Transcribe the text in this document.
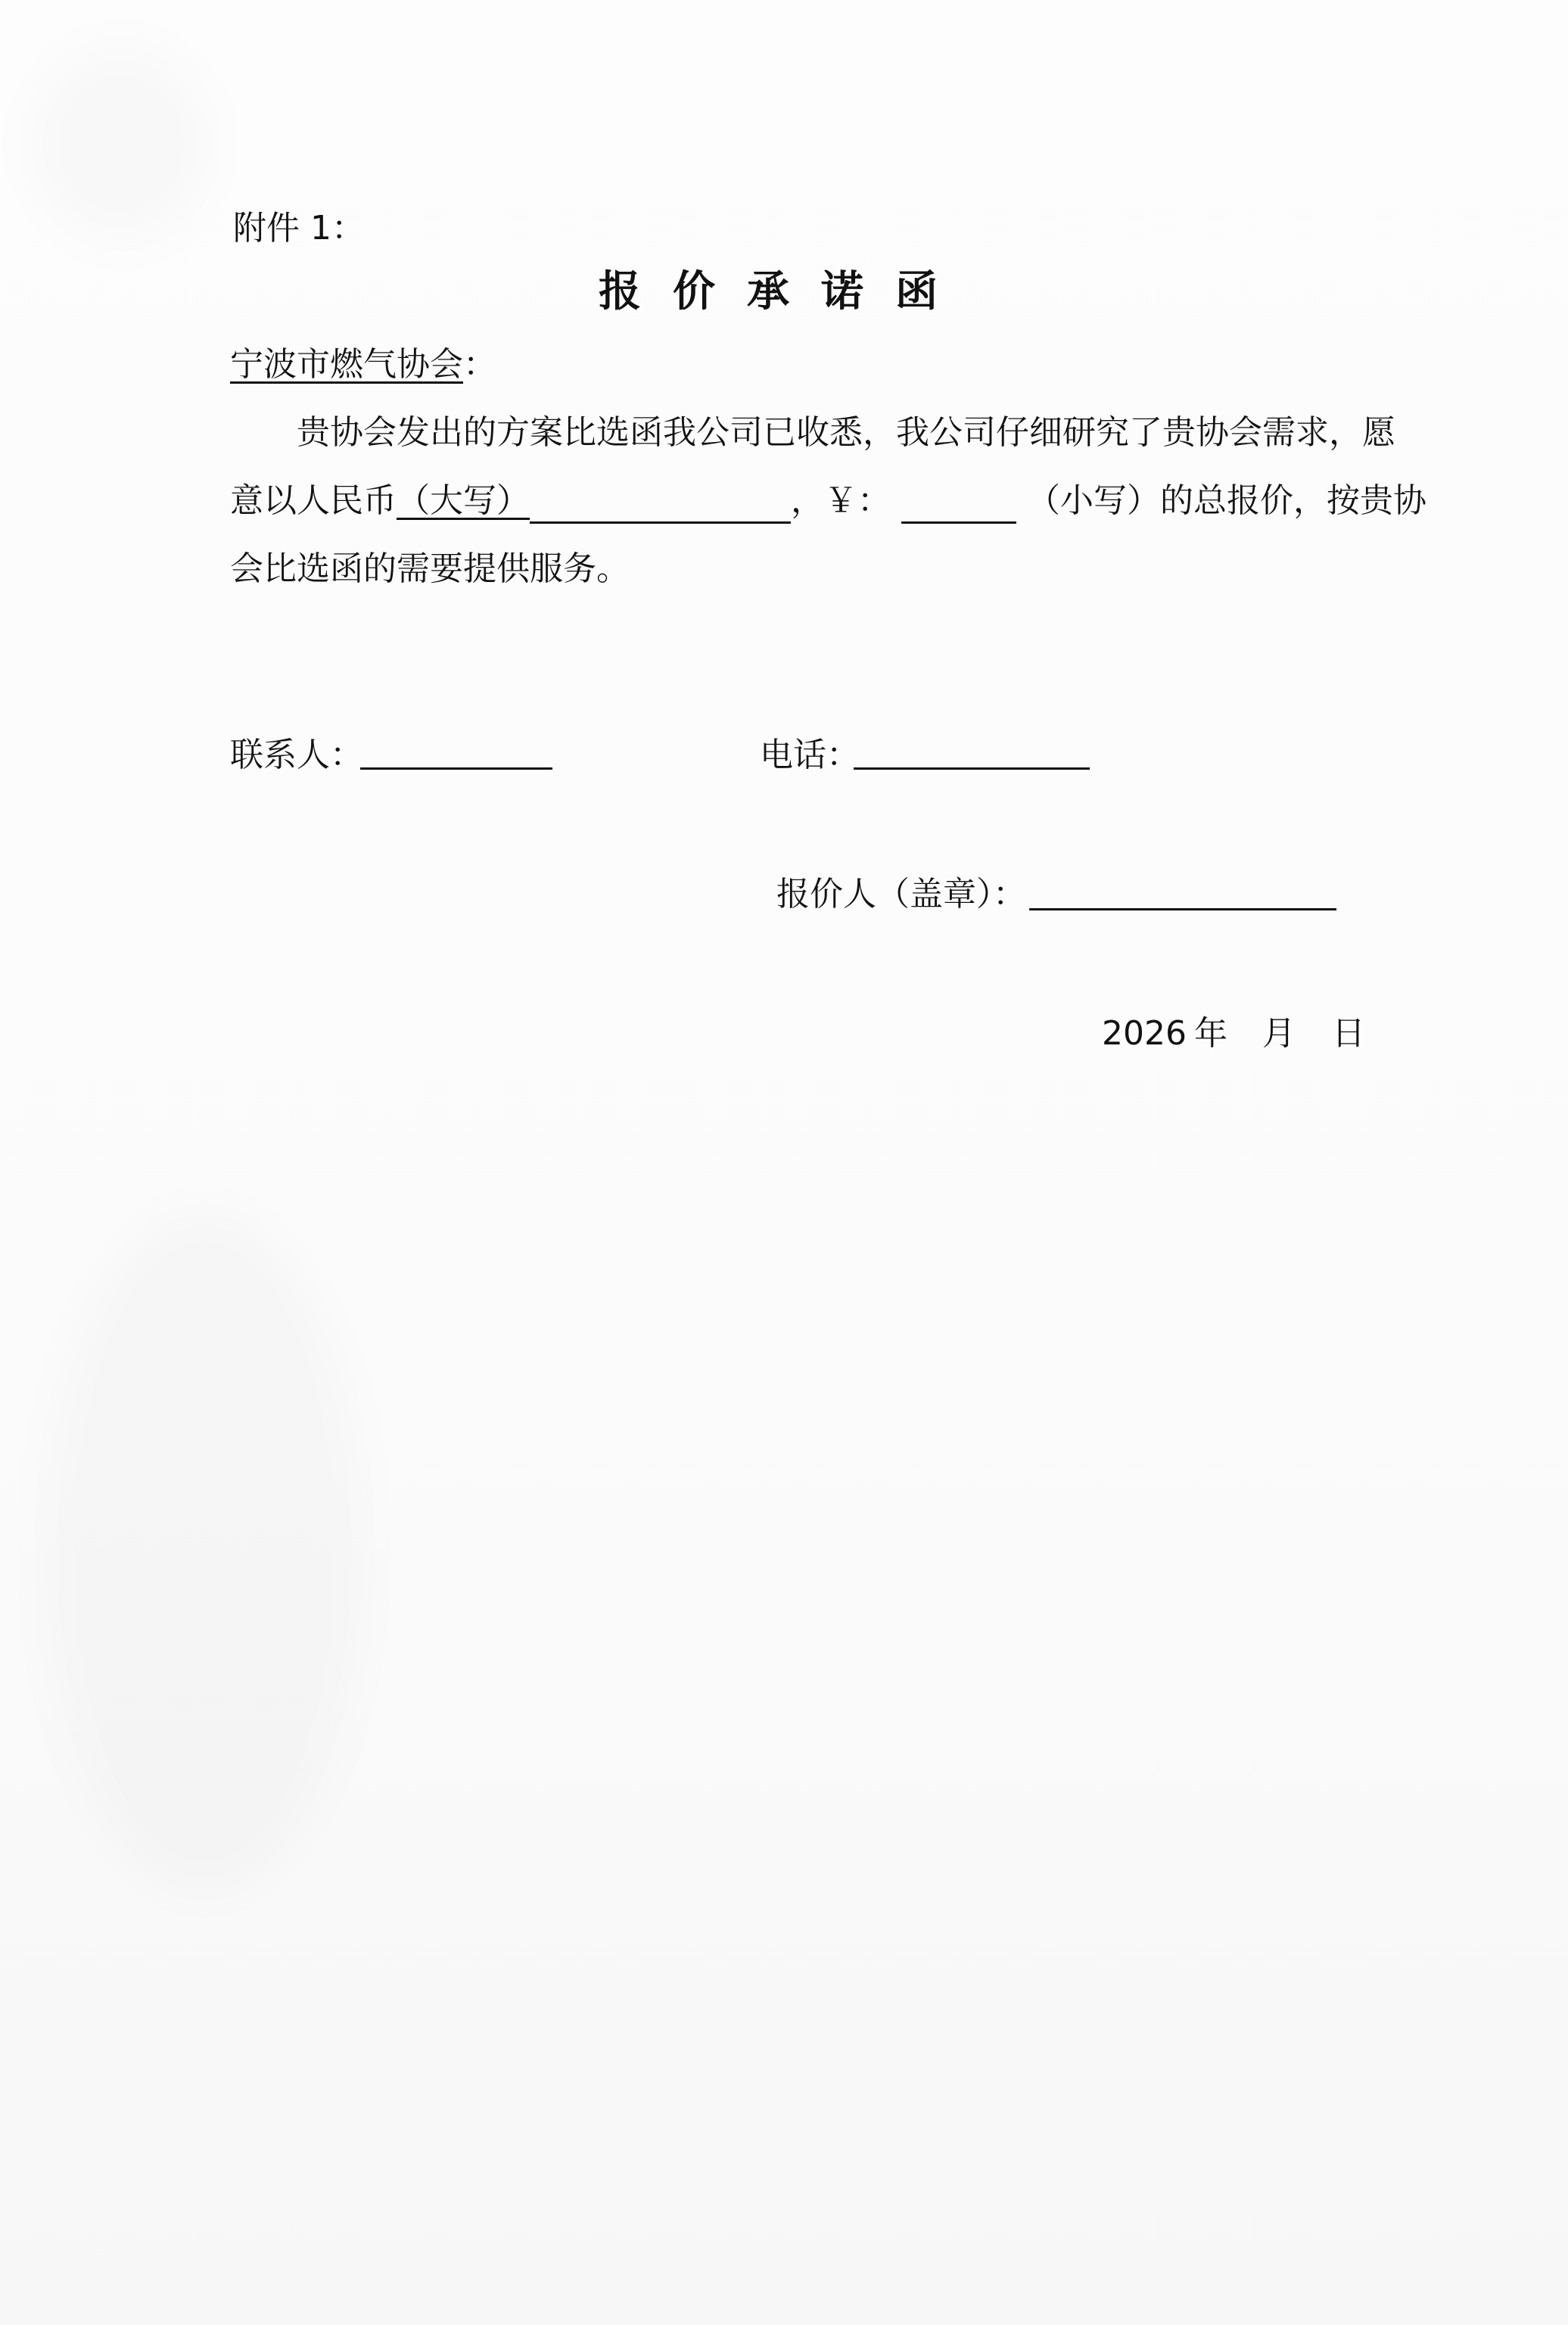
附件 1：
报价承诺函
宁波市燃气协会：
贵协会发出的方案比选函我公司已收悉，我公司仔细研究了贵协会需求，愿
意以人民币（大写）	，￥：	（小写）的总报价，按贵协
会比选函的需要提供服务。
联系人：	电话：
报价人（盖章）：
2026 年 月 日
